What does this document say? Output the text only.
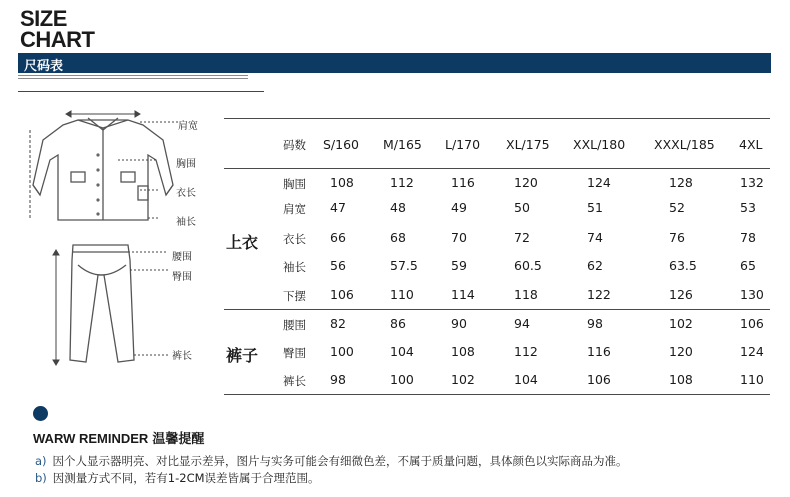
SIZE
CHART
尺码表
肩宽
胸围
衣长
袖长
腰围
臀围
裤长
码数 S/160 M/165 L/170 XL/175 XXL/180 XXXL/185 4XL
上衣
裤子
胸围 108	112	116	120	124	128	132
肩宽 47	48	49	50	51	52	53
衣长 66	68	70	72	74	76	78
袖长 56	57.5	59	60.5	62	63.5	65
下摆 106	110	114	118	122	126	130
腰围 82	86	90	94	98	102	106
臀围 100	104	108	112	116	120	124
裤长 98	100	102	104	106	108	110
WARW REMINDER 温馨提醒
a) 因个人显示器明亮、对比显示差异，图片与实务可能会有细微色差，不属于质量问题，具体颜色以实际商品为准。
b) 因测量方式不同，若有1-2CM误差皆属于合理范围。
